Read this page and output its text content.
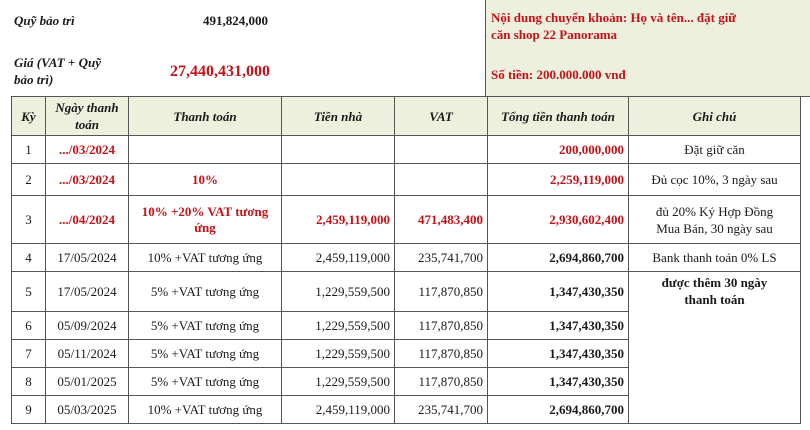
Quỹ bảo trì	491,824,000
Giá (VAT + Quỹ
bảo trì)	27,440,431,000
Nội dung chuyển khoản: Họ và tên... đặt giữ
căn shop 22 Panorama
Số tiền: 200.000.000 vnđ
Kỳ	Ngày thanh
toán	Thanh toán	Tiền nhà	VAT	Tổng tiền thanh toán	Ghi chú
1	.../03/2024				200,000,000	Đặt giữ căn
2	.../03/2024	10%			2,259,119,000	Đủ cọc 10%, 3 ngày sau
3	.../04/2024	10% +20% VAT tương
ứng	2,459,119,000	471,483,400	2,930,602,400	đủ 20% Ký Hợp Đồng
Mua Bán, 30 ngày sau
4	17/05/2024	10% +VAT tương ứng	2,459,119,000	235,741,700	2,694,860,700	Bank thanh toán 0% LS
5	17/05/2024	5% +VAT tương ứng	1,229,559,500	117,870,850	1,347,430,350	được thêm 30 ngày
thanh toán
6	05/09/2024	5% +VAT tương ứng	1,229,559,500	117,870,850	1,347,430,350	
7	05/11/2024	5% +VAT tương ứng	1,229,559,500	117,870,850	1,347,430,350	
8	05/01/2025	5% +VAT tương ứng	1,229,559,500	117,870,850	1,347,430,350	
9	05/03/2025	10% +VAT tương ứng	2,459,119,000	235,741,700	2,694,860,700	
